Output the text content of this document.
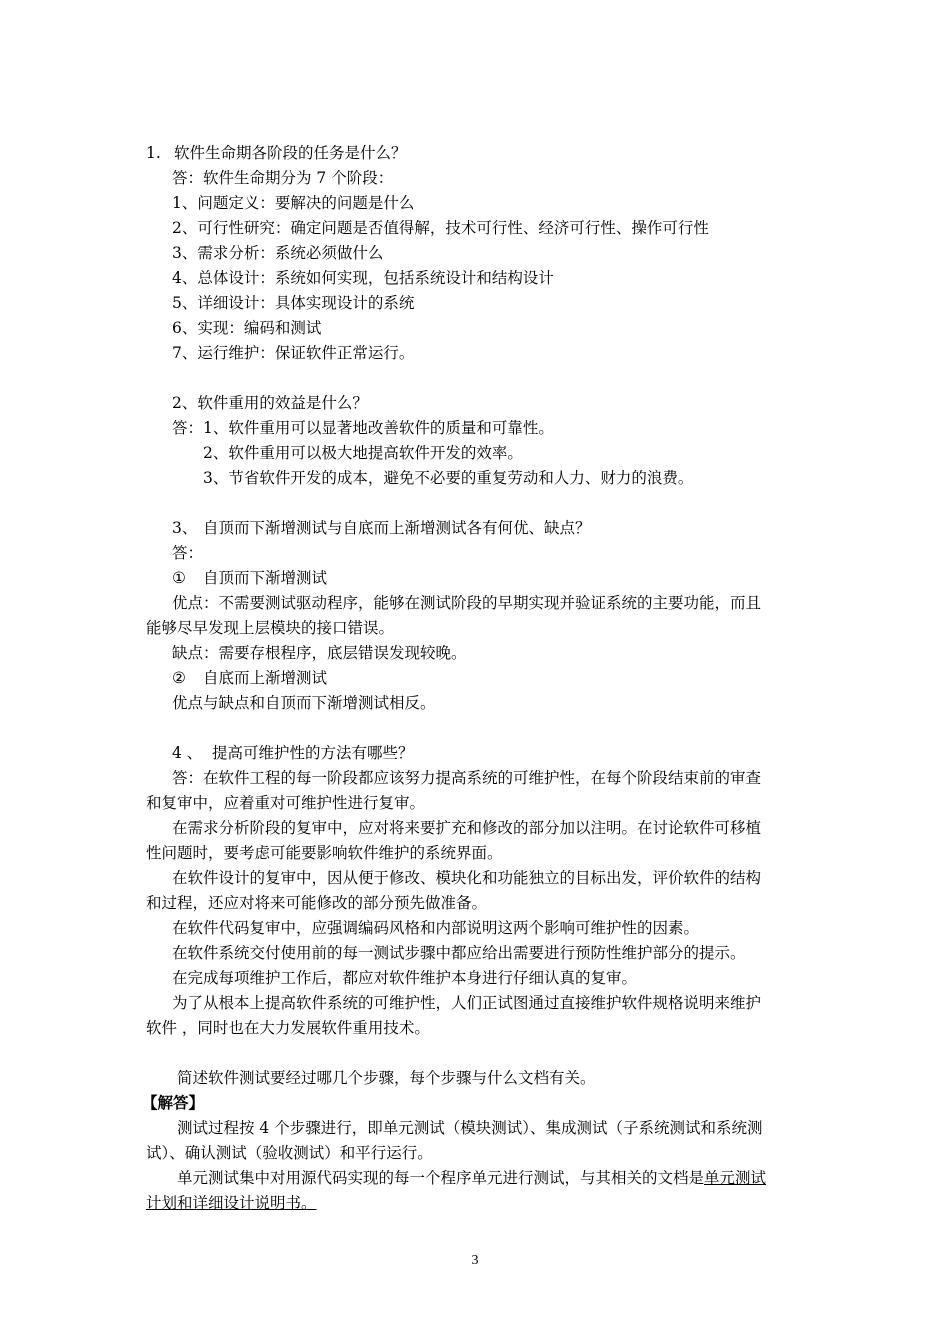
1. 软件生命期各阶段的任务是什么？
答：软件生命期分为 7 个阶段：
1、问题定义：要解决的问题是什么
2、可行性研究：确定问题是否值得解，技术可行性、经济可行性、操作可行性
3、需求分析：系统必须做什么
4、总体设计：系统如何实现，包括系统设计和结构设计
5、详细设计：具体实现设计的系统
6、实现：编码和测试
7、运行维护：保证软件正常运行。
2、软件重用的效益是什么？
答：1、软件重用可以显著地改善软件的质量和可靠性。
2、软件重用可以极大地提高软件开发的效率。
3、节省软件开发的成本，避免不必要的重复劳动和人力、财力的浪费。
3、 自顶而下渐增测试与自底而上渐增测试各有何优、缺点？
答：
① 自顶而下渐增测试
优点：不需要测试驱动程序，能够在测试阶段的早期实现并验证系统的主要功能，而且
能够尽早发现上层模块的接口错误。
缺点：需要存根程序，底层错误发现较晚。
② 自底而上渐增测试
优点与缺点和自顶而下渐增测试相反。
4 、 提高可维护性的方法有哪些？
答：在软件工程的每一阶段都应该努力提高系统的可维护性，在每个阶段结束前的审查
和复审中，应着重对可维护性进行复审。
在需求分析阶段的复审中，应对将来要扩充和修改的部分加以注明。在讨论软件可移植
性问题时，要考虑可能要影响软件维护的系统界面。
在软件设计的复审中，因从便于修改、模块化和功能独立的目标出发，评价软件的结构
和过程，还应对将来可能修改的部分预先做准备。
在软件代码复审中，应强调编码风格和内部说明这两个影响可维护性的因素。
在软件系统交付使用前的每一测试步骤中都应给出需要进行预防性维护部分的提示。
在完成每项维护工作后，都应对软件维护本身进行仔细认真的复审。
为了从根本上提高软件系统的可维护性，人们正试图通过直接维护软件规格说明来维护
软件 ，同时也在大力发展软件重用技术。
简述软件测试要经过哪几个步骤，每个步骤与什么文档有关。
【解答】
测试过程按 4 个步骤进行，即单元测试（模块测试）、集成测试（子系统测试和系统测
试）、确认测试（验收测试）和平行运行。
单元测试集中对用源代码实现的每一个程序单元进行测试，与其相关的文档是单元测试
计划和详细设计说明书。
3
